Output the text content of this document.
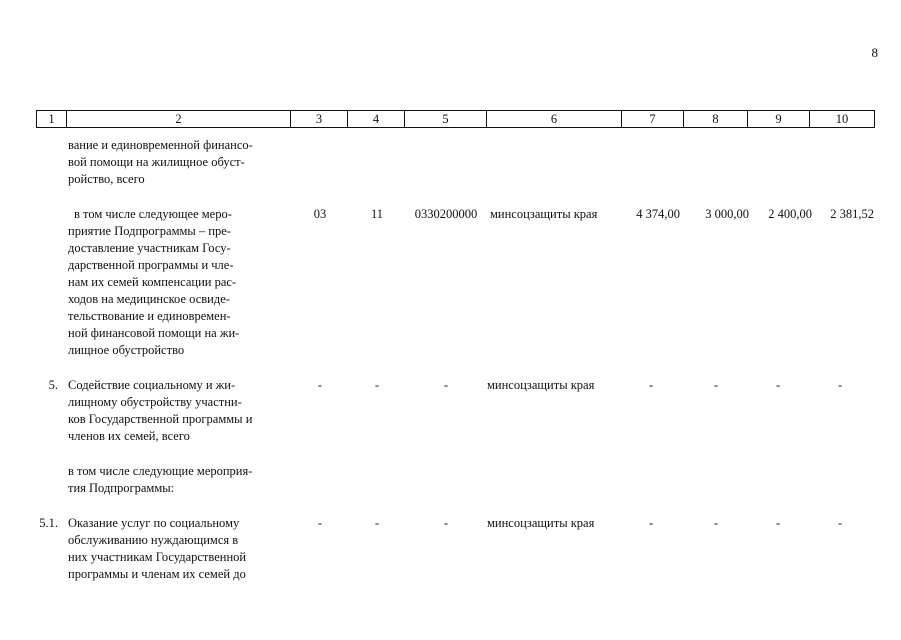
8
1	2	3	4	5	6	7	8	9	10
вание и единовременной финансо-
вой помощи на жилищное обуст-
ройство, всего
в том числе следующее меро-
приятие Подпрограммы – пре-
доставление участникам Госу-
дарственной программы и чле-
нам их семей компенсации рас-
ходов на медицинское освиде-
тельствование и единовремен-
ной финансовой помощи на жи-
лищное обустройство
03	11	0330200000	минсоцзащиты края	4 374,00	3 000,00	2 400,00	2 381,52
5. Содействие социальному и жи-
лищному обустройству участни-
ков Государственной программы и
членов их семей, всего
-	-	-	минсоцзащиты края	-	-	-	-
в том числе следующие мероприя-
тия Подпрограммы:
5.1. Оказание услуг по социальному
обслуживанию нуждающимся в
них участникам Государственной
программы и членам их семей до
-	-	-	минсоцзащиты края	-	-	-	-
